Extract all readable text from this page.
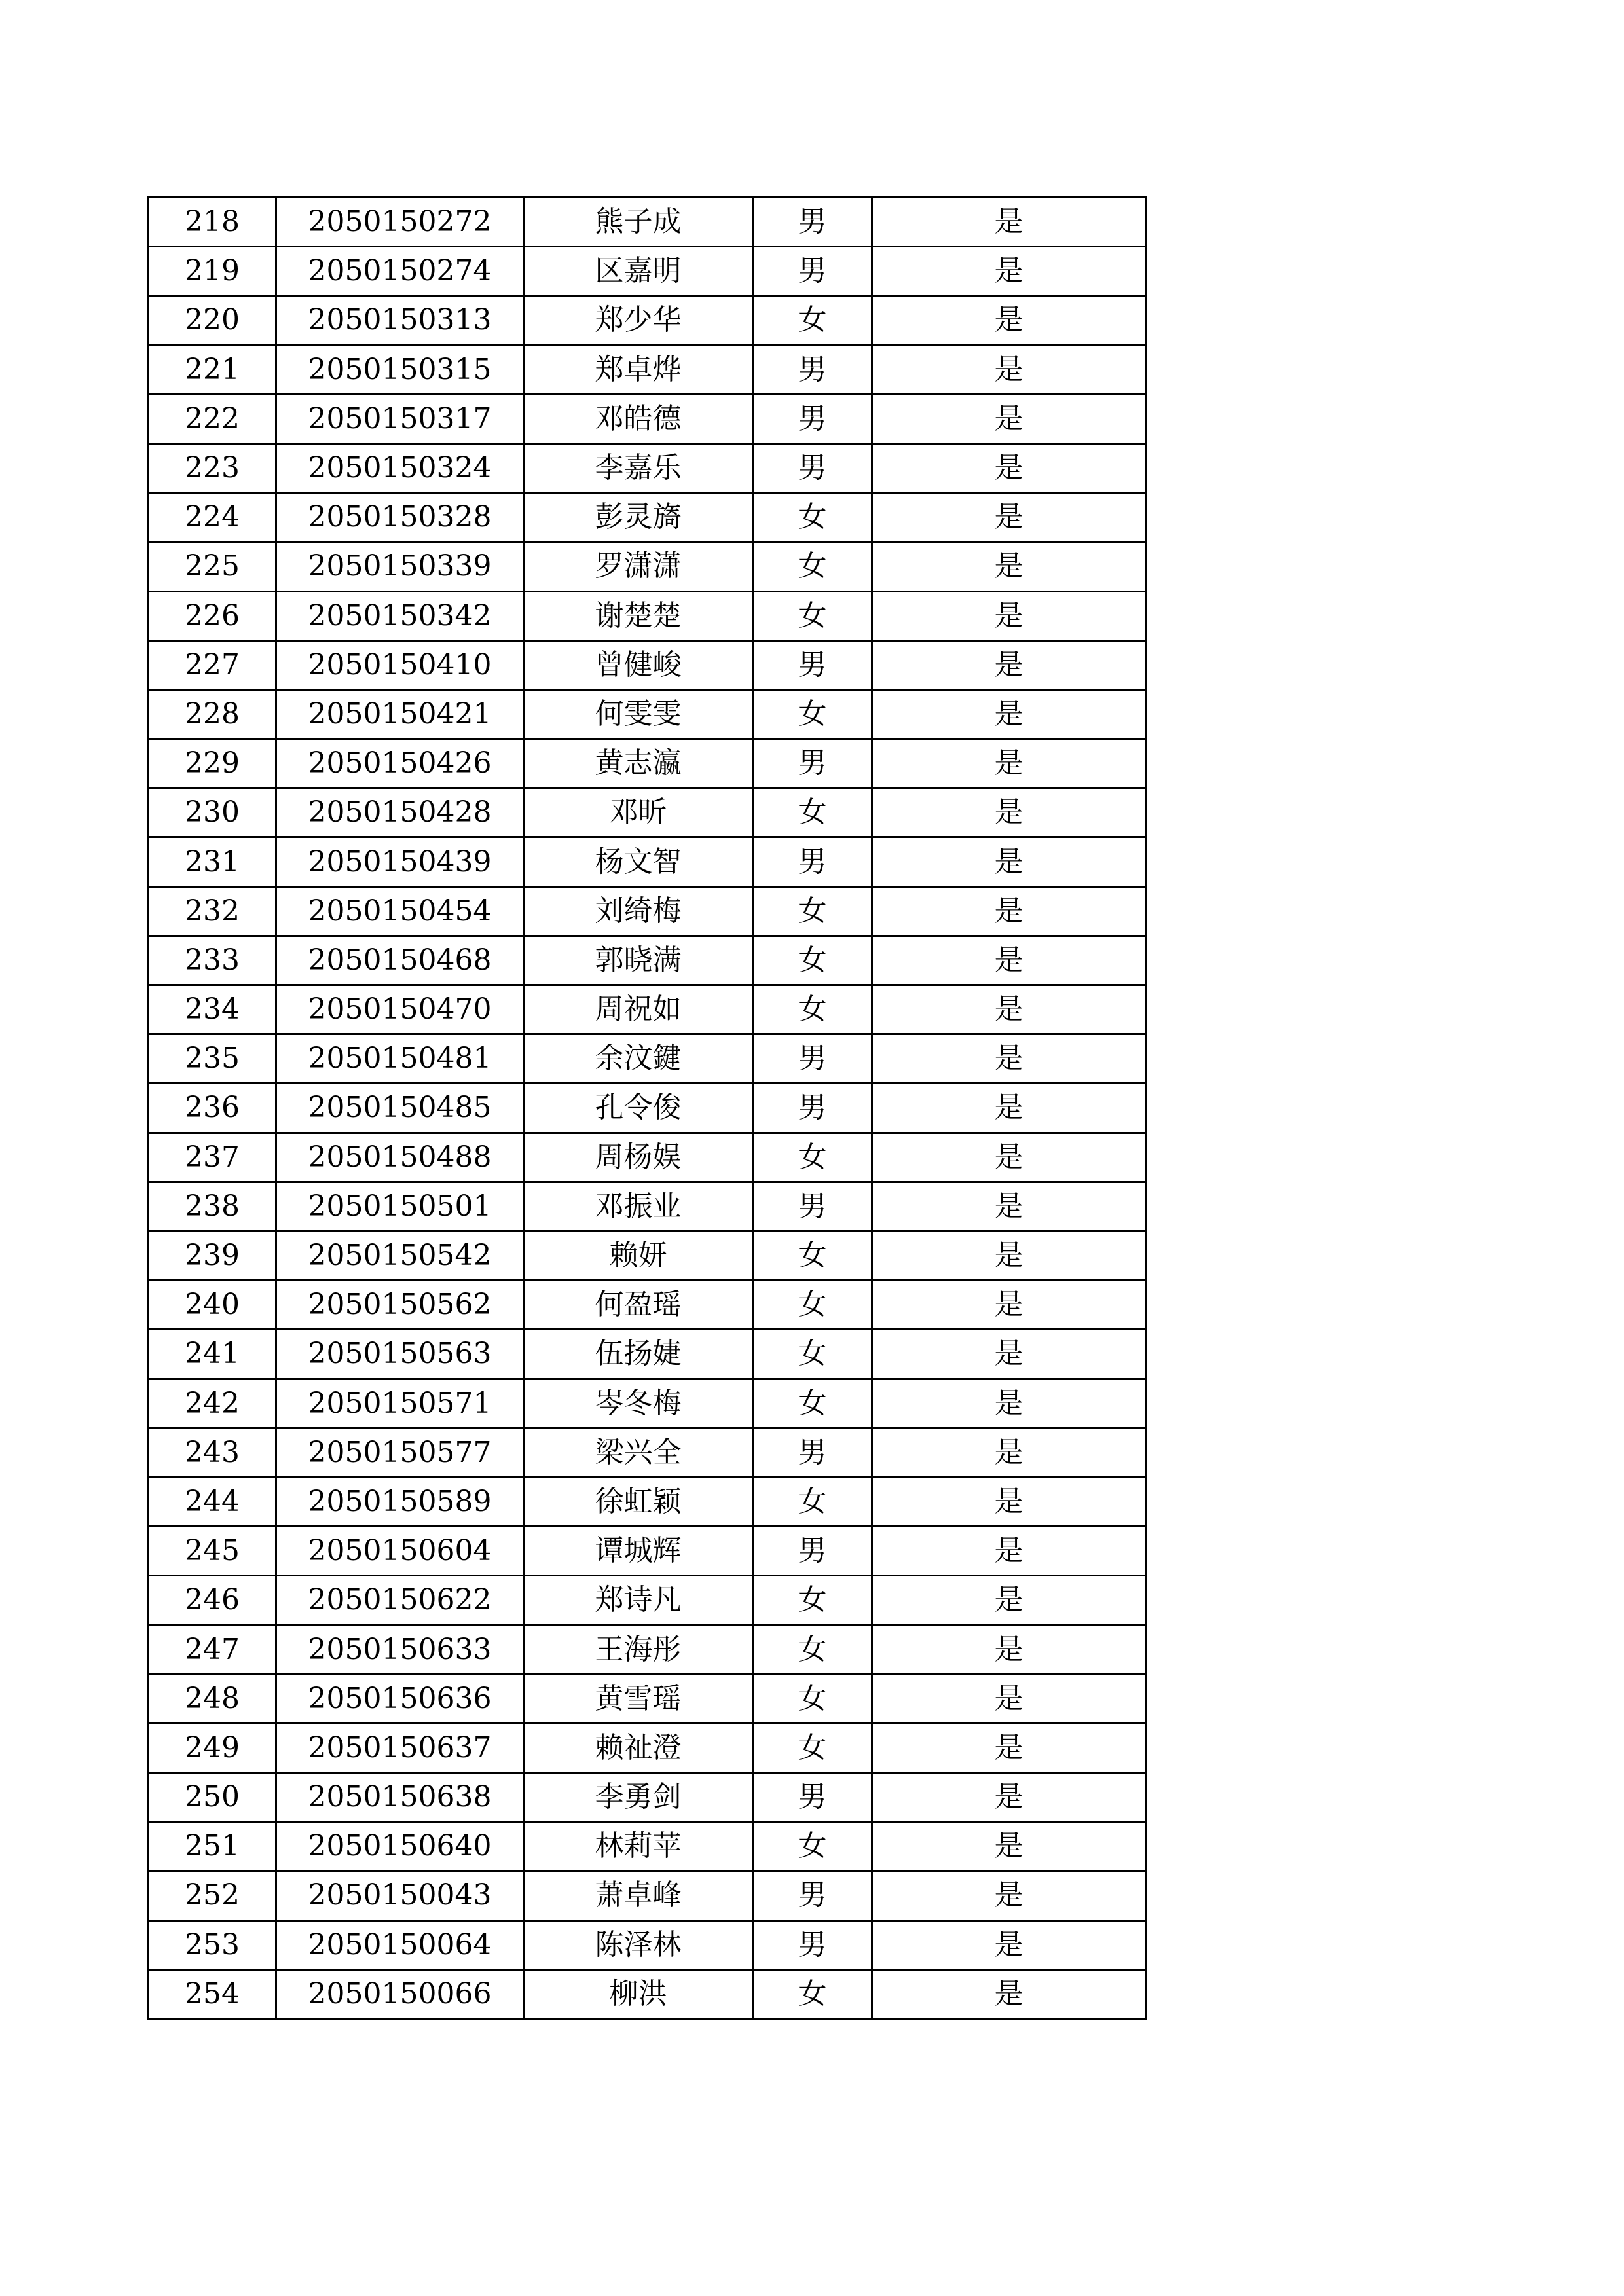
218	2050150272	熊子成	男	是
219	2050150274	区嘉明	男	是
220	2050150313	郑少华	女	是
221	2050150315	郑卓烨	男	是
222	2050150317	邓皓德	男	是
223	2050150324	李嘉乐	男	是
224	2050150328	彭灵旖	女	是
225	2050150339	罗潇潇	女	是
226	2050150342	谢楚楚	女	是
227	2050150410	曾健峻	男	是
228	2050150421	何雯雯	女	是
229	2050150426	黄志瀛	男	是
230	2050150428	邓昕	女	是
231	2050150439	杨文智	男	是
232	2050150454	刘绮梅	女	是
233	2050150468	郭晓满	女	是
234	2050150470	周祝如	女	是
235	2050150481	余汶鍵	男	是
236	2050150485	孔令俊	男	是
237	2050150488	周杨娱	女	是
238	2050150501	邓振业	男	是
239	2050150542	赖妍	女	是
240	2050150562	何盈瑶	女	是
241	2050150563	伍扬婕	女	是
242	2050150571	岑冬梅	女	是
243	2050150577	梁兴全	男	是
244	2050150589	徐虹颖	女	是
245	2050150604	谭城辉	男	是
246	2050150622	郑诗凡	女	是
247	2050150633	王海彤	女	是
248	2050150636	黄雪瑶	女	是
249	2050150637	赖祉澄	女	是
250	2050150638	李勇剑	男	是
251	2050150640	林莉苹	女	是
252	2050150043	萧卓峰	男	是
253	2050150064	陈泽林	男	是
254	2050150066	柳洪	女	是
